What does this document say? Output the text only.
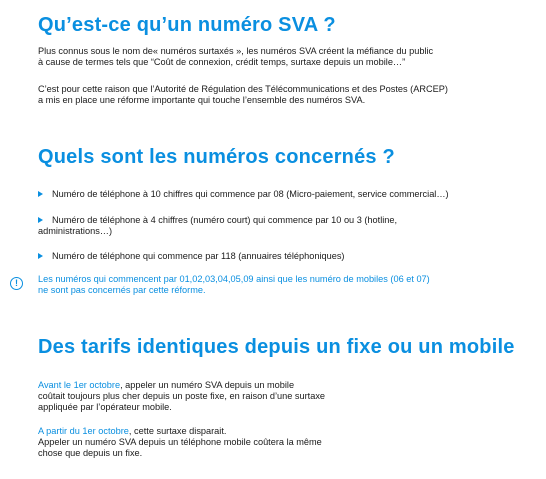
Qu’est-ce qu’un numéro SVA ?

Plus connus sous le nom de« numéros surtaxés », les numéros SVA créent la méfiance du public
à cause de termes tels que “Coût de connexion, crédit temps, surtaxe depuis un mobile…”

C’est pour cette raison que l’Autorité de Régulation des Télécommunications et des Postes (ARCEP)
a mis en place une réforme importante qui touche l’ensemble des numéros SVA.

Quels sont les numéros concernés ?
Numéro de téléphone à 10 chiffres qui commence par 08 (Micro-paiement, service commercial…)
Numéro de téléphone à 4 chiffres (numéro court) qui commence par 10 ou 3 (hotline,
administrations…)
Numéro de téléphone qui commence par 118 (annuaires téléphoniques)
!	Les numéros qui commencent par 01,02,03,04,05,09 ainsi que les numéro de mobiles (06 et 07)
ne sont pas concernés par cette réforme.
Des tarifs identiques depuis un fixe ou un mobile

Avant le 1er octobre, appeler un numéro SVA depuis un mobile
coûtait toujours plus cher depuis un poste fixe, en raison d’une surtaxe
appliquée par l’opérateur mobile.

A partir du 1er octobre, cette surtaxe disparait.
Appeler un numéro SVA depuis un téléphone mobile coûtera la même
chose que depuis un fixe.
